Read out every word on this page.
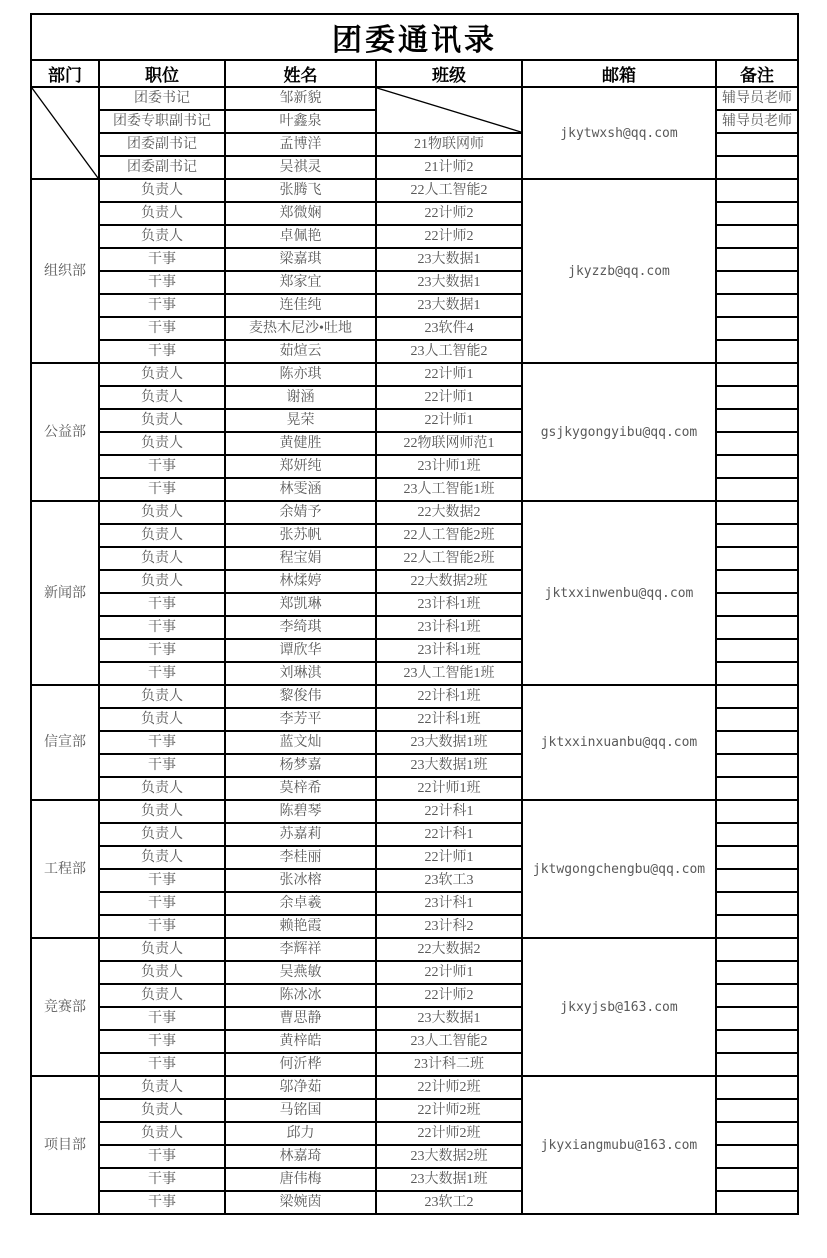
团委通讯录					
部门	职位	姓名	班级	邮箱	备注

	团委书记	邹新貌		jkytwxsh@qq.com	辅导员老师
	团委专职副书记	叶鑫泉			辅导员老师
	团委副书记	孟博洋	21物联网师		
	团委副书记	吴祺灵	21计师2		
组织部	负责人	张腾飞	22人工智能2	jkyzzb@qq.com	
	负责人	郑微娴	22计师2		
	负责人	卓佩艳	22计师2		
	干事	梁嘉琪	23大数据1		
	干事	郑家宜	23大数据1		
	干事	连佳纯	23大数据1		
	干事	麦热木尼沙•吐地	23软件4		
	干事	茹煊云	23人工智能2		
公益部	负责人	陈亦琪	22计师1	gsjkygongyibu@qq.com	
	负责人	谢涵	22计师1		
	负责人	晃荣	22计师1		
	负责人	黄健胜	22物联网师范1		
	干事	郑妍纯	23计师1班		
	干事	林雯涵	23人工智能1班		
新闻部	负责人	余婧予	22大数据2	jktxxinwenbu@qq.com	
	负责人	张苏帆	22人工智能2班		
	负责人	程宝娟	22人工智能2班		
	负责人	林煣婷	22大数据2班		
	干事	郑凯琳	23计科1班		
	干事	李绮琪	23计科1班		
	干事	谭欣华	23计科1班		
	干事	刘琳淇	23人工智能1班		
信宣部	负责人	黎俊伟	22计科1班	jktxxinxuanbu@qq.com	
	负责人	李芳平	22计科1班		
	干事	蓝文灿	23大数据1班		
	干事	杨梦嘉	23大数据1班		
	负责人	莫梓希	22计师1班		
工程部	负责人	陈碧琴	22计科1	jktwgongchengbu@qq.com	
	负责人	苏嘉莉	22计科1		
	负责人	李桂丽	22计师1		
	干事	张冰榕	23软工3		
	干事	余卓羲	23计科1		
	干事	赖艳霞	23计科2		
竞赛部	负责人	李辉祥	22大数据2	jkxyjsb@163.com	
	负责人	吴燕敏	22计师1		
	负责人	陈冰冰	22计师2		
	干事	曹思静	23大数据1		
	干事	黄梓皓	23人工智能2		
	干事	何沂桦	23计科二班		
项目部	负责人	邬净茹	22计师2班	jkyxiangmubu@163.com	
	负责人	马铭国	22计师2班		
	负责人	邱力	22计师2班		
	干事	林嘉琦	23大数据2班		
	干事	唐伟梅	23大数据1班		
	干事	梁婉茵	23软工2		
